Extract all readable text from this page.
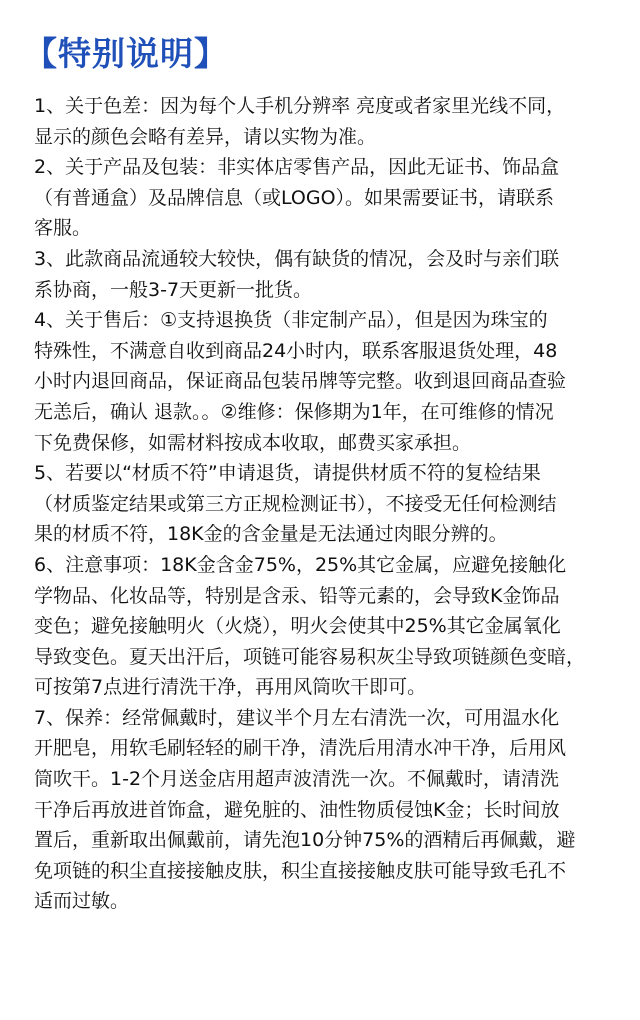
【特别说明】

1、关于色差：因为每个人手机分辨率 亮度或者家里光线不同，
显示的颜色会略有差异，请以实物为准。

2、关于产品及包装：非实体店零售产品，因此无证书、饰品盒
（有普通盒）及品牌信息（或LOGO）。如果需要证书，请联系
客服。

3、此款商品流通较大较快，偶有缺货的情况，会及时与亲们联
系协商，一般3-7天更新一批货。

4、关于售后：①支持退换货（非定制产品），但是因为珠宝的
特殊性，不满意自收到商品24小时内，联系客服退货处理，48
小时内退回商品，保证商品包装吊牌等完整。收到退回商品查验
无恙后，确认 退款。。②维修：保修期为1年，在可维修的情况
下免费保修，如需材料按成本收取，邮费买家承担。

5、若要以“材质不符”申请退货，请提供材质不符的复检结果
（材质鉴定结果或第三方正规检测证书），不接受无任何检测结
果的材质不符，18K金的含金量是无法通过肉眼分辨的。

6、注意事项：18K金含金75%，25%其它金属，应避免接触化
学物品、化妆品等，特别是含汞、铅等元素的，会导致K金饰品
变色；避免接触明火（火烧），明火会使其中25%其它金属氧化
导致变色。夏天出汗后，项链可能容易积灰尘导致项链颜色变暗，
可按第7点进行清洗干净，再用风筒吹干即可。

7、保养：经常佩戴时，建议半个月左右清洗一次，可用温水化
开肥皂，用软毛刷轻轻的刷干净，清洗后用清水冲干净，后用风
筒吹干。1-2个月送金店用超声波清洗一次。不佩戴时，请清洗
干净后再放进首饰盒，避免脏的、油性物质侵蚀K金；长时间放
置后，重新取出佩戴前，请先泡10分钟75%的酒精后再佩戴，避
免项链的积尘直接接触皮肤，积尘直接接触皮肤可能导致毛孔不
适而过敏。
